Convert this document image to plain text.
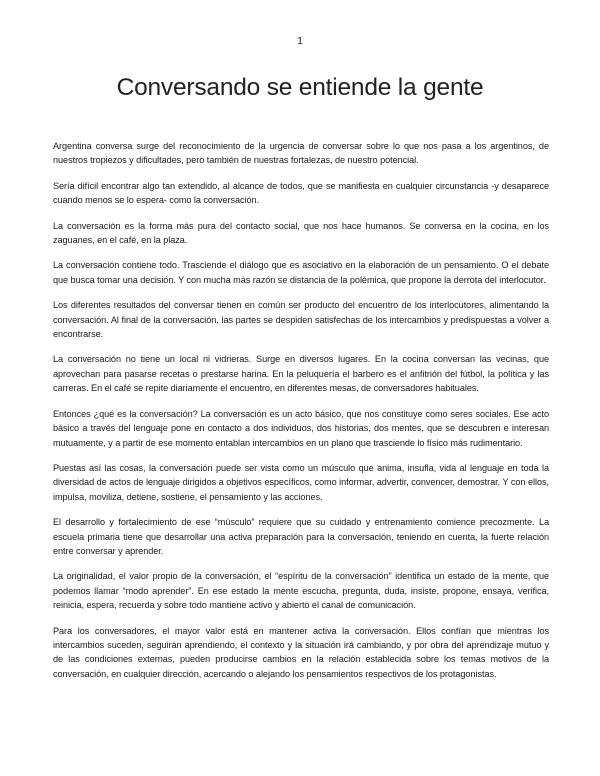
1
Conversando se entiende la gente

Argentina conversa surge del reconocimiento de la urgencia de conversar sobre lo que nos pasa a los argentinos, de nuestros tropiezos y dificultades, pero también de nuestras fortalezas, de nuestro potencial.

Sería difícil encontrar algo tan extendido, al alcance de todos, que se manifiesta en cualquier circunstancia -y desaparece cuando menos se lo espera- como la conversación.

La conversación es la forma más pura del contacto social, que nos hace humanos. Se conversa en la cocina, en los zaguanes, en el café, en la plaza.

La conversación contiene todo. Trasciende el diálogo que es asociativo en la elaboración de un pensamiento. O el debate que busca tomar una decisión. Y con mucha más razón se distancia de la polémica, que propone la derrota del interlocutor.

Los diferentes resultados del conversar tienen en común ser producto del encuentro de los interlocutores, alimentando la conversación. Al final de la conversación, las partes se despiden satisfechas de los intercambios y predispuestas a volver a encontrarse.

La conversación no tiene un local ni vidrieras. Surge en diversos lugares. En la cocina conversan las vecinas, que aprovechan para pasarse recetas o prestarse harina. En la peluquería el barbero es el anfitrión del fútbol, la política y las carreras. En el café se repite diariamente el encuentro, en diferentes mesas, de conversadores habituales.

Entonces ¿qué es la conversación? La conversación es un acto básico, que nos constituye como seres sociales. Ese acto básico a través del lenguaje pone en contacto a dos individuos, dos historias, dos mentes, que se descubren e interesan mutuamente, y a partir de ese momento entablan intercambios en un plano que trasciende lo físico más rudimentario.

Puestas así las cosas, la conversación puede ser vista como un músculo que anima, insufla, vida al lenguaje en toda la diversidad de actos de lenguaje dirigidos a objetivos específicos, como informar, advertir, convencer, demostrar. Y con ellos, impulsa, moviliza, detiene, sostiene, el pensamiento y las acciones.

El desarrollo y fortalecimiento de ese “músculo” requiere que su cuidado y entrenamiento comience precozmente. La escuela primaria tiene que desarrollar una activa preparación para la conversación, teniendo en cuenta, la fuerte relación entre conversar y aprender.

La originalidad, el valor propio de la conversación, el “espíritu de la conversación” identifica un estado de la mente, que podemos llamar “modo aprender”. En ese estado la mente escucha, pregunta, duda, insiste, propone, ensaya, verifica, reinicia, espera, recuerda y sobre todo mantiene activo y abierto el canal de comunicación.

Para los conversadores, el mayor valor está en mantener activa la conversación. Ellos confían que mientras los intercambios suceden, seguirán aprendiendo, el contexto y la situación irá cambiando, y por obra del aprendizaje mutuo y de las condiciones externas, pueden producirse cambios en la relación establecida sobre los temas motivos de la conversación, en cualquier dirección, acercando o alejando los pensamientos respectivos de los protagonistas.
